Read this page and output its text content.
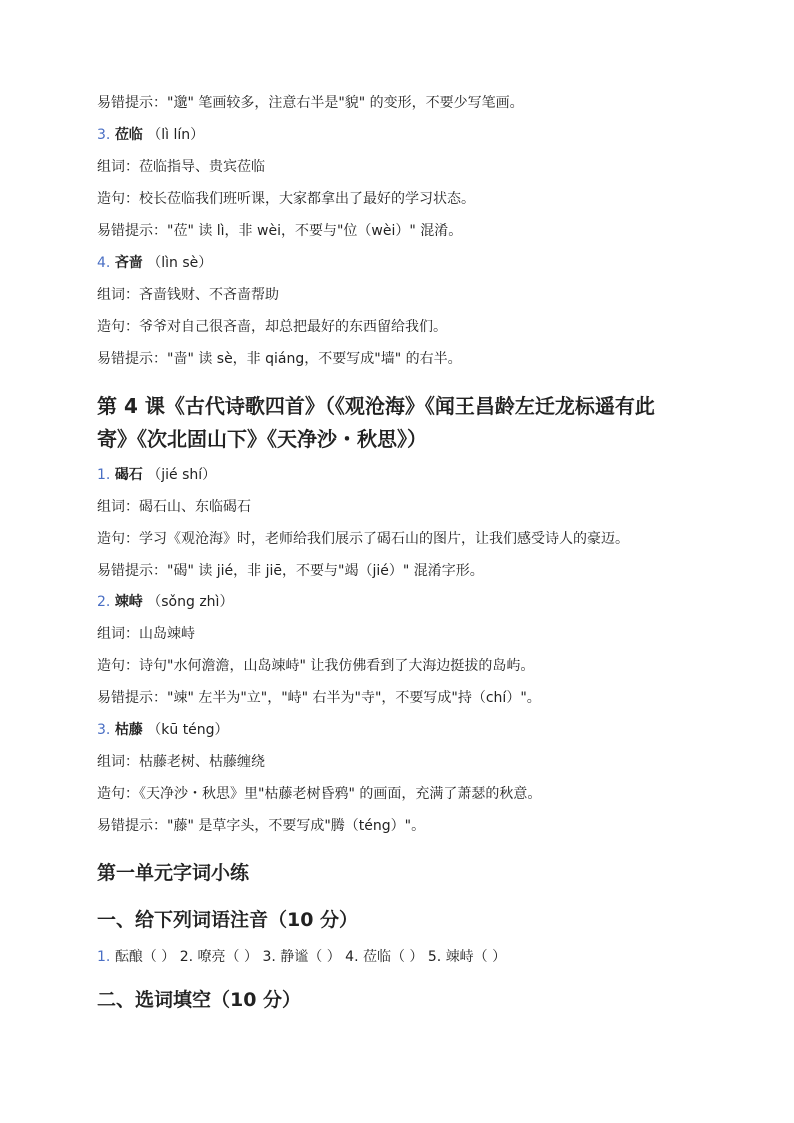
易错提示："邈" 笔画较多，注意右半是"貌" 的变形，不要少写笔画。
3. 莅临 （lì lín）
组词：莅临指导、贵宾莅临
造句：校长莅临我们班听课，大家都拿出了最好的学习状态。
易错提示："莅" 读 lì，非 wèi，不要与"位（wèi）" 混淆。
4. 吝啬 （lìn sè）
组词：吝啬钱财、不吝啬帮助
造句：爷爷对自己很吝啬，却总把最好的东西留给我们。
易错提示："啬" 读 sè，非 qiáng，不要写成"墙" 的右半。
第 4 课《古代诗歌四首》（《观沧海》《闻王昌龄左迁龙标遥有此
寄》《次北固山下》《天净沙・秋思》）
1. 碣石 （jié shí）
组词：碣石山、东临碣石
造句：学习《观沧海》时，老师给我们展示了碣石山的图片，让我们感受诗人的豪迈。
易错提示："碣" 读 jié，非 jiē，不要与"竭（jié）" 混淆字形。
2. 竦峙 （sǒng zhì）
组词：山岛竦峙
造句：诗句"水何澹澹，山岛竦峙" 让我仿佛看到了大海边挺拔的岛屿。
易错提示："竦" 左半为"立"，"峙" 右半为"寺"，不要写成"持（chí）"。
3. 枯藤 （kū téng）
组词：枯藤老树、枯藤缠绕
造句：《天净沙・秋思》里"枯藤老树昏鸦" 的画面，充满了萧瑟的秋意。
易错提示："藤" 是草字头，不要写成"腾（téng）"。
第一单元字词小练
一、给下列词语注音（10 分）
1. 酝酿（ ） 2. 嘹亮（ ） 3. 静谧（ ） 4. 莅临（ ） 5. 竦峙（ ）
二、选词填空（10 分）
